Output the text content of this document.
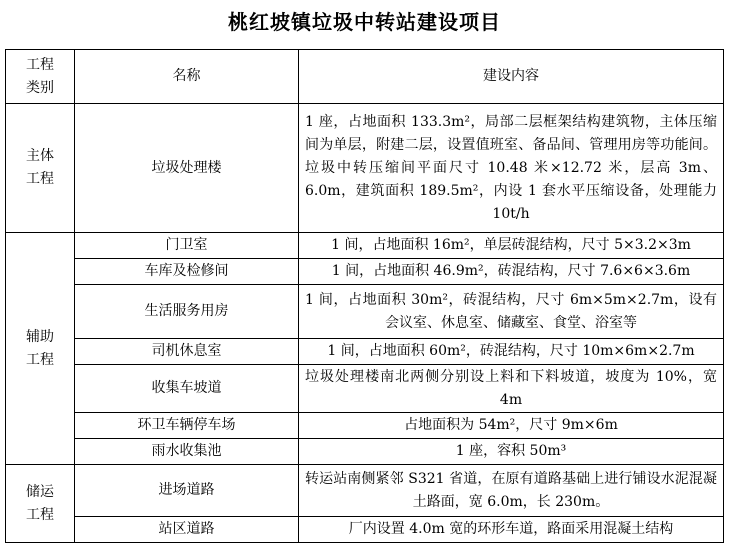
桃红坡镇垃圾中转站建设项目
工程
类别	名称	建设内容
主体
工程	垃圾处理楼	1 座，占地面积 133.3m²，局部二层框架结构建筑物，主体压缩间为单层，附建二层，设置值班室、备品间、管理用房等功能间。垃圾中转压缩间平面尺寸 10.48 米×12.72 米，层高 3m、6.0m，建筑面积 189.5m²，内设 1 套水平压缩设备，处理能力 10t/h
辅助
工程	门卫室	1 间，占地面积 16m²，单层砖混结构，尺寸 5×3.2×3m
	车库及检修间	1 间，占地面积 46.9m²，砖混结构，尺寸 7.6×6×3.6m
	生活服务用房	1 间，占地面积 30m²，砖混结构，尺寸 6m×5m×2.7m，设有会议室、休息室、储藏室、食堂、浴室等
	司机休息室	1 间，占地面积 60m²，砖混结构，尺寸 10m×6m×2.7m
	收集车坡道	垃圾处理楼南北两侧分别设上料和下料坡道，坡度为 10%，宽 4m
	环卫车辆停车场	占地面积为 54m²，尺寸 9m×6m
	雨水收集池	1 座，容积 50m³
储运
工程	进场道路	转运站南侧紧邻 S321 省道，在原有道路基础上进行铺设水泥混凝土路面，宽 6.0m，长 230m。
	站区道路	厂内设置 4.0m 宽的环形车道，路面采用混凝土结构
